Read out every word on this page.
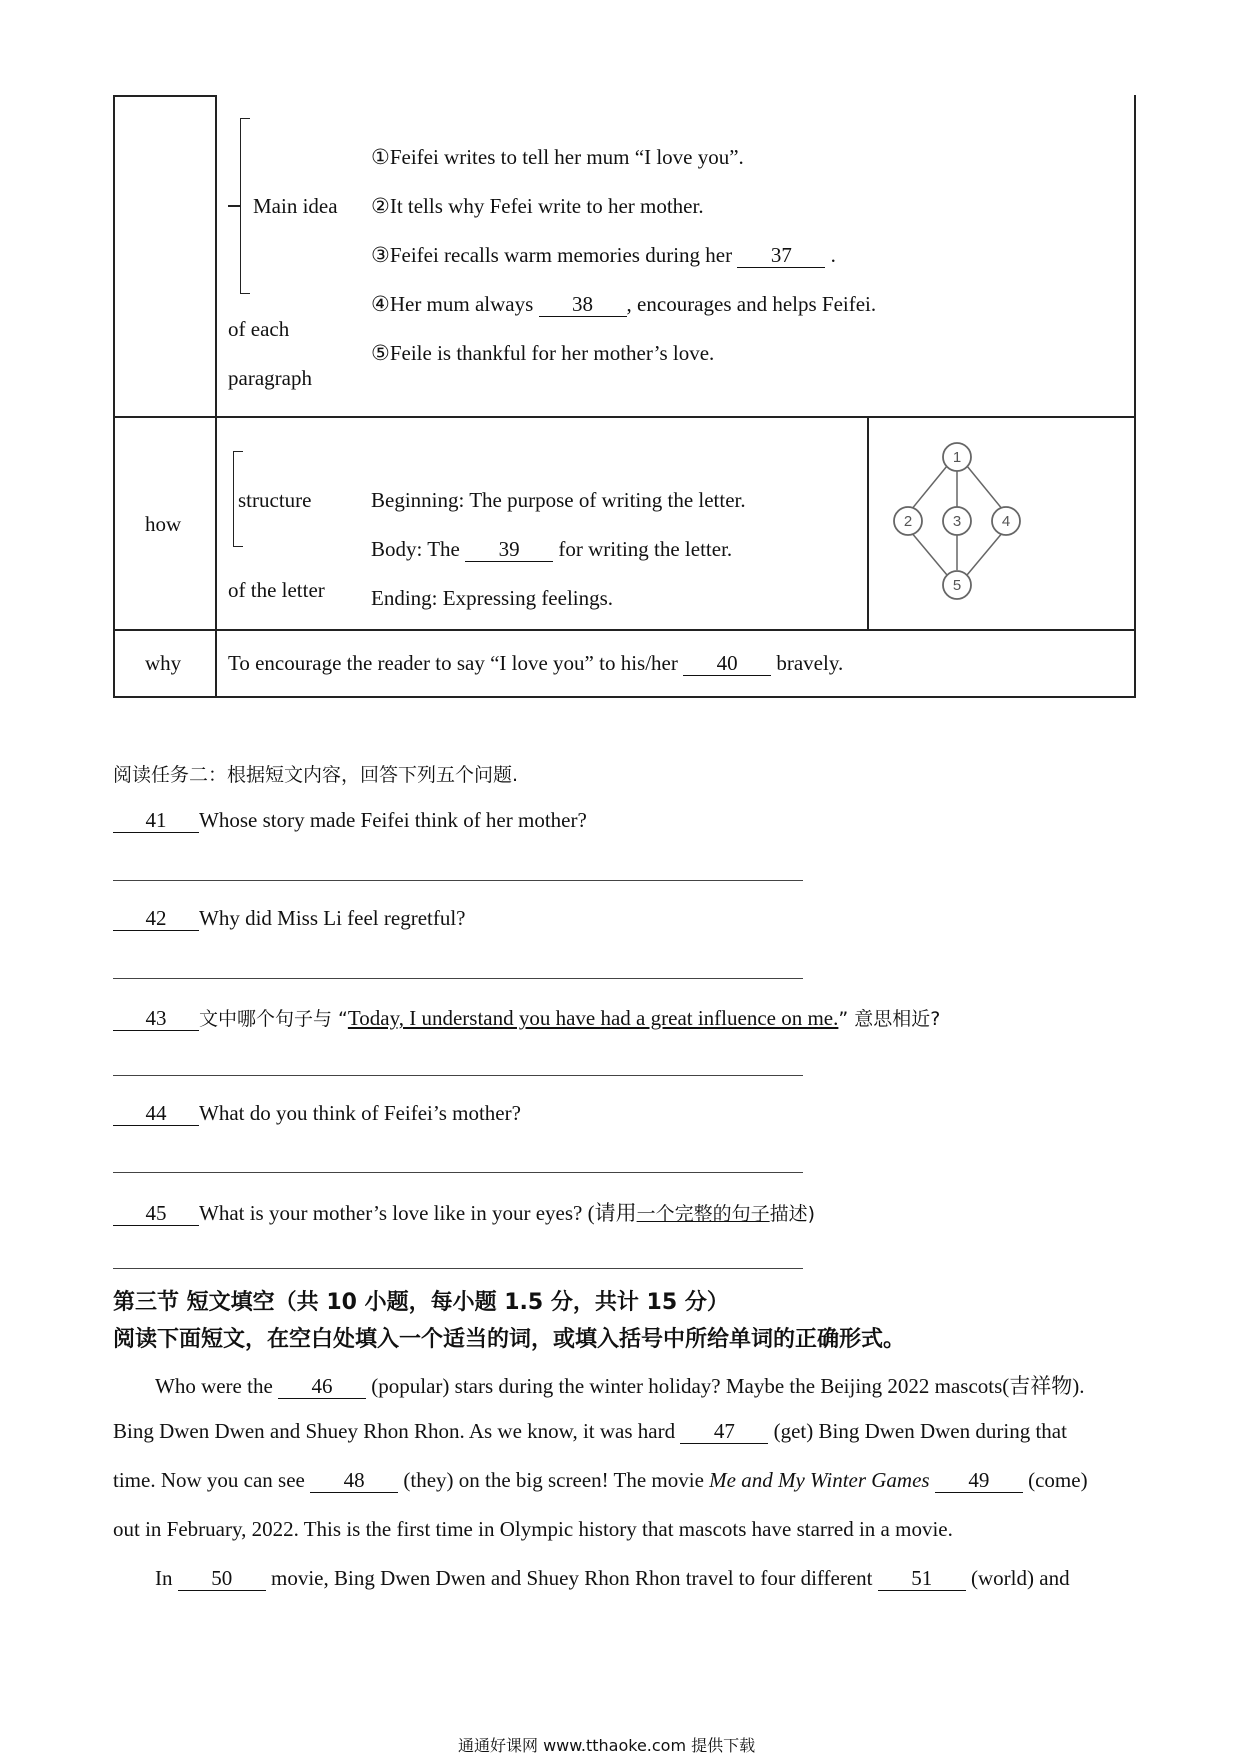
Main idea
of each
paragraph
①Feifei writes to tell her mum “I love you”.
②It tells why Fefei write to her mother.
③Feifei recalls warm memories during her 37 .
④Her mum always 38 , encourages and helps Feifei.
⑤Feile is thankful for her mother’s love.
how
structure
of the letter
Beginning: The purpose of writing the letter.
Body: The 39 for writing the letter.
Ending: Expressing feelings.
1
2	3	4
5
why To encourage the reader to say “I love you” to his/her 40 bravely.
阅读任务二：根据短文内容，回答下列五个问题.
41 Whose story made Feifei think of her mother?
42 Why did Miss Li feel regretful?
43 文中哪个句子与 “Today, I understand you have had a great influence on me.” 意思相近?
44 What do you think of Feifei’s mother?
45 What is your mother’s love like in your eyes? (请用一个完整的句子描述)
第三节 短文填空（共 10 小题，每小题 1.5 分，共计 15 分）
阅读下面短文，在空白处填入一个适当的词，或填入括号中所给单词的正确形式。
Who were the 46 (popular) stars during the winter holiday? Maybe the Beijing 2022 mascots(吉祥物).
Bing Dwen Dwen and Shuey Rhon Rhon. As we know, it was hard 47 (get) Bing Dwen Dwen during that
time. Now you can see 48 (they) on the big screen! The movie Me and My Winter Games 49 (come)
out in February, 2022. This is the first time in Olympic history that mascots have starred in a movie.
In 50 movie, Bing Dwen Dwen and Shuey Rhon Rhon travel to four different 51 (world) and
通通好课网 www.tthaoke.com 提供下载
